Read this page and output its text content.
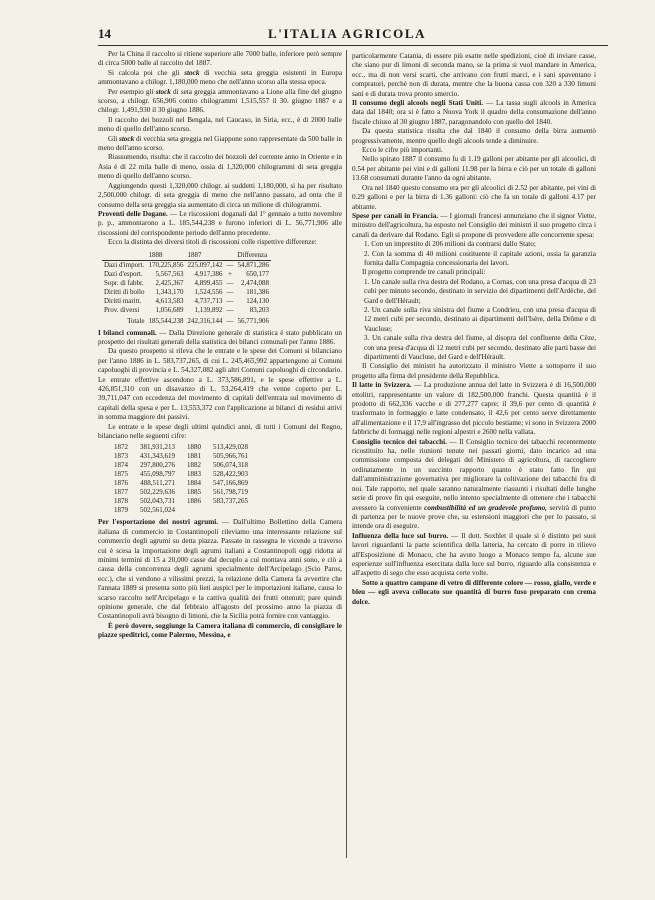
14	L'ITALIA AGRICOLA

Per la China il raccolto si ritiene superiore alle 7000 balle, inferiore però sempre di circa 5000 balle al raccolto del 1887.

Si calcola poi che gli stock di vecchia seta greggia esistenti in Europa ammontavano a chilogr. 1,180,000 meno che nell'anno scorso alla stessa epoca.

Per esempio gli stock di seta greggia ammontavano a Lione alla fine del giugno scorso, a chilogr. 656,906 contro chilogrammi 1,515,557 il 30. giugno 1887 e a chilogr. 1,491,930 il 30 giugno 1886.

Il raccolto dei bozzoli nel Bengala, nel Caucaso, in Siria, ecc., è di 2000 balle meno di quello dell'anno scorso.

Gli stock di vecchia seta greggia nel Giappone sono rappresentate da 500 balle in meno dell'anno scorso.

Riassumendo, risulta: che il raccolto dei bozzoli del corrente anno in Oriente e in Asia è di 22 mila balle di meno, ossia di 1,320,000 chilogrammi di seta greggia meno di quello dell'anno scorso.

Aggiungendo questi 1,320,000 chilogr. ai suddetti 1,180,000, si ha per risultato 2,500,000 chilogr. di seta greggia di meno che nell'anno passato, ad onta che il consumo della seta greggia sia aumentato di circa un milione di chilogrammi.

Proventi delle Dogane. — Le riscossioni doganali dal 1° gennaio a tutto novembre p. p., ammontarono a L. 185,544,238 e furono inferiori di L. 56,771,906 alle riscossioni del corrispondente periodo dell'anno precedente.

Ecco la distinta dei diversi titoli di riscossioni colle rispettive differenze:

	1888	1887		Differenza
Dazi d'import.	170,225,856	225,097,142	—	54,871,286
Dazi d'esport.	5,567,563	4,917,386	+	650,177
Sopr. di fabbr.	2,425,367	4,899,455	—	2,474,088
Diritti di bollo	1,343,170	1,524,556	—	181,386
Diritti maritt.	4,613,583	4,737,713	—	124,130
Prov. diversi	1,056,689	1,139,892	—	83,203
Totale	185,544,238	242,316,144	—	56,771,906

I bilanci comunali. — Dalla Direzione generale di statistica è stato pubblicato un prospetto dei risultati generali della statistica dei bilanci comunali per l'anno 1886.

Da questo prospetto si rileva che le entrate e le spese dei Comuni si bilanciano per l'anno 1886 in L. 583,737,265, di cui L. 245,465,992 appartengono ai Comuni capoluoghi di provincia e L. 54,327,082 agli altri Comuni capoluoghi di circondario. Le entrate effettive ascendono a L. 373,586,891, e le spese effettive a L. 426,851,310 con un disavanzo di L. 53,264,419 che venne coperto per L. 39,711,047 con eccedenza del movimento di capitali dell'entrata sul movimento di capitali della spesa e per L. 13,553,372 con l'applicazione ai bilanci di residui attivi in somma maggiore dei passivi.

Le entrate e le spese degli ultimi quindici anni, di tutti i Comuni del Regno, bilanciano nelle seguenti cifre:

1872	381,931,213	1880	513,429,028
1873	431,343,619	1881	505,966,761
1874	297,800,276	1882	506,074,318
1875	455,098,797	1883	528,422,903
1876	488,511,271	1884	547,166,869
1877	502,229,636	1885	561,798,719
1878	502,043,731	1886	583,737,265
1879	502,561,024		

Per l'esportazione dei nostri agrumi. — Dall'ultimo Bollettino della Camera italiana di commercio in Costantinopoli rileviamo una interessante relazione sul commercio degli agrumi su detta piazza. Passate in rassegna le vicende a traverso cui è scesa la importazione degli agrumi italiani a Costantinopoli oggi ridotta ai minimi termini di 15 a 20,000 casse dal decuplo a cui montava anni sono, e ciò a causa della concorrenza degli agrumi specialmente dell'Arcipelago (Scio Paros, ecc.), che si vendono a vilissimi prezzi, la relazione della Camera fa avvertire che l'annata 1889 si presenta sotto più lieti auspici per le importazioni italiane, causa lo scarso raccolto nell'Arcipelago e la cattiva qualità dei frutti ottenuti; pare quindi opinione generale, che dal febbraio all'agosto del prossimo anno la piazza di Costantinopoli avrà bisogno di limoni, che la Sicilia potrà fornire con vantaggio.

È però dovere, soggiunge la Camera italiana di commercio, di consigliare le piazze speditrici, come Palermo, Messina, e

particolarmente Catania, di essere più esatte nelle spedizioni, cioè di inviare casse, che siano pur di limoni di seconda mano, se la prima si vuol mandare in America, ecc., ma di non versi scarti, che arrivano con frutti marci, e i sani spaventano i compratori, perchè non di durata, mentre che la buona cassa con 320 a 330 limoni sani e di durata trova pronto smercio.

Il consumo degli alcools negli Stati Uniti. — La tassa sugli alcools in America data dal 1840; ora si è fatto a Nuova York il quadro della consumazione dell'anno fiscale chiuso al 30 giugno 1887, paragonandolo con quello del 1840.

Da questa statistica risulta che dal 1840 il consumo della birra aumentò progressivamente, mentre quello degli alcools tende a diminuire.

Ecco le cifre più importanti.

Nello spirato 1887 il consumo fu di 1.19 galloni per abitante per gli alcoolici, di 0.54 per abitante pei vini e di galloni 11.98 per la birra e ciò per un totale di galloni 13.68 consumati durante l'anno da ogni abitante.

Ora nel 1840 questo consumo era per gli alcoolici di 2.52 per abitante, pei vini di 0.29 galloni e per la birra di 1.36 galloni: ciò che fa un totale di galloni 4.17 per abitante.

Spese per canali in Francia. — I giornali francesi annunziano che il signor Viette, ministro dell'agricoltura, ha esposto nel Consiglio dei ministri il suo progetto circa i canali da derivare dal Rodano. Egli si propone di provvedere alle concorrente spesa:

1. Con un imprestito di 206 milioni da contrarsi dallo Stato;

2. Con la somma di 40 milioni costituente il capitale azioni, ossia la garanzia fornita dalla Compagnia concessionaria dei lavori.

Il progetto comprende tre canali principali:

1. Un canale sulla riva destra del Rodano, a Cornas, con una presa d'acqua di 23 cubi per minuto secondo, destinato in servizio dei dipartimenti dell'Ardèche, del Gard e dell'Hérault;

2. Un canale sulla riva sinistra del fiume a Condrieu, con una presa d'acqua di 12 metri cubi per secondo, destinato ai dipartimenti dell'Isère, della Drôme e di Vaucluse;

3. Un canale sulla riva destra del fiume, al disopra del confluente della Cèze, con una presa d'acqua di 12 metri cubi per secondo, destinato alle parti basse dei dipartimenti di Vaucluse, del Gard e dell'Hérault.

Il Consiglio dei ministri ha autorizzato il ministro Viette a sottoporre il suo progetto alla firma del presidente della Repubblica.

Il latte in Svizzera. — La produzione annua del latte in Svizzera è di 16,500,000 ettolitri, rappresentante un valore di 182,500,000 franchi. Questa quantità è il prodotto di 662,336 vacche e di 277,277 capre; il 39,6 per cento di quantità è trasformato in formaggio e latte condensato, il 42,6 per cento serve direttamente all'alimentazione e il 17,9 all'ingrasso del piccolo bestiame; vi sono in Svizzera 2000 fabbriche di formaggi nelle regioni alpestri e 2600 nella vallata.

Consiglio tecnico dei tabacchi. — Il Consiglio tecnico dei tabacchi recentemente ricostituito ha, nelle riunioni tenute nei passati giorni, dato incarico ad una commissione composta dei delegati del Ministero di agricoltura, di raccogliere ordinatamente in un succinto rapporto quanto è stato fatto fin qui dall'amministrazione governativa per migliorare la coltivazione dei tabacchi fra di noi. Tale rapporto, nel quale saranno naturalmente riassunti i risultati delle lunghe serie di prove fin qui eseguite, nello intento specialmente di ottenere che i tabacchi avessero la conveniente combustibilità ed un gradevole profumo, servirà di punto di partenza per le nuove prove che, su estensioni maggiori che per lo passato, si intende ora di eseguire.

Influenza della luce sul burro. — Il dott. Soxhlet il quale si è distinto pei suoi lavori riguardanti la parte scientifica della latteria, ha cercato di porre in rilievo all'Esposizione di Monaco, che ha avuto luogo a Monaco tempo fa, alcune sue esperienze sull'influenza esercitata dalla luce sul burro, riguardo alla consistenza e all'aspetto di sego che esso acquista certe volte.

Sotto a quattro campane di vetro di differente colore — rosso, giallo, verde e bleu — egli aveva collocato sue quantità di burro fuso preparato con crema dolce.
